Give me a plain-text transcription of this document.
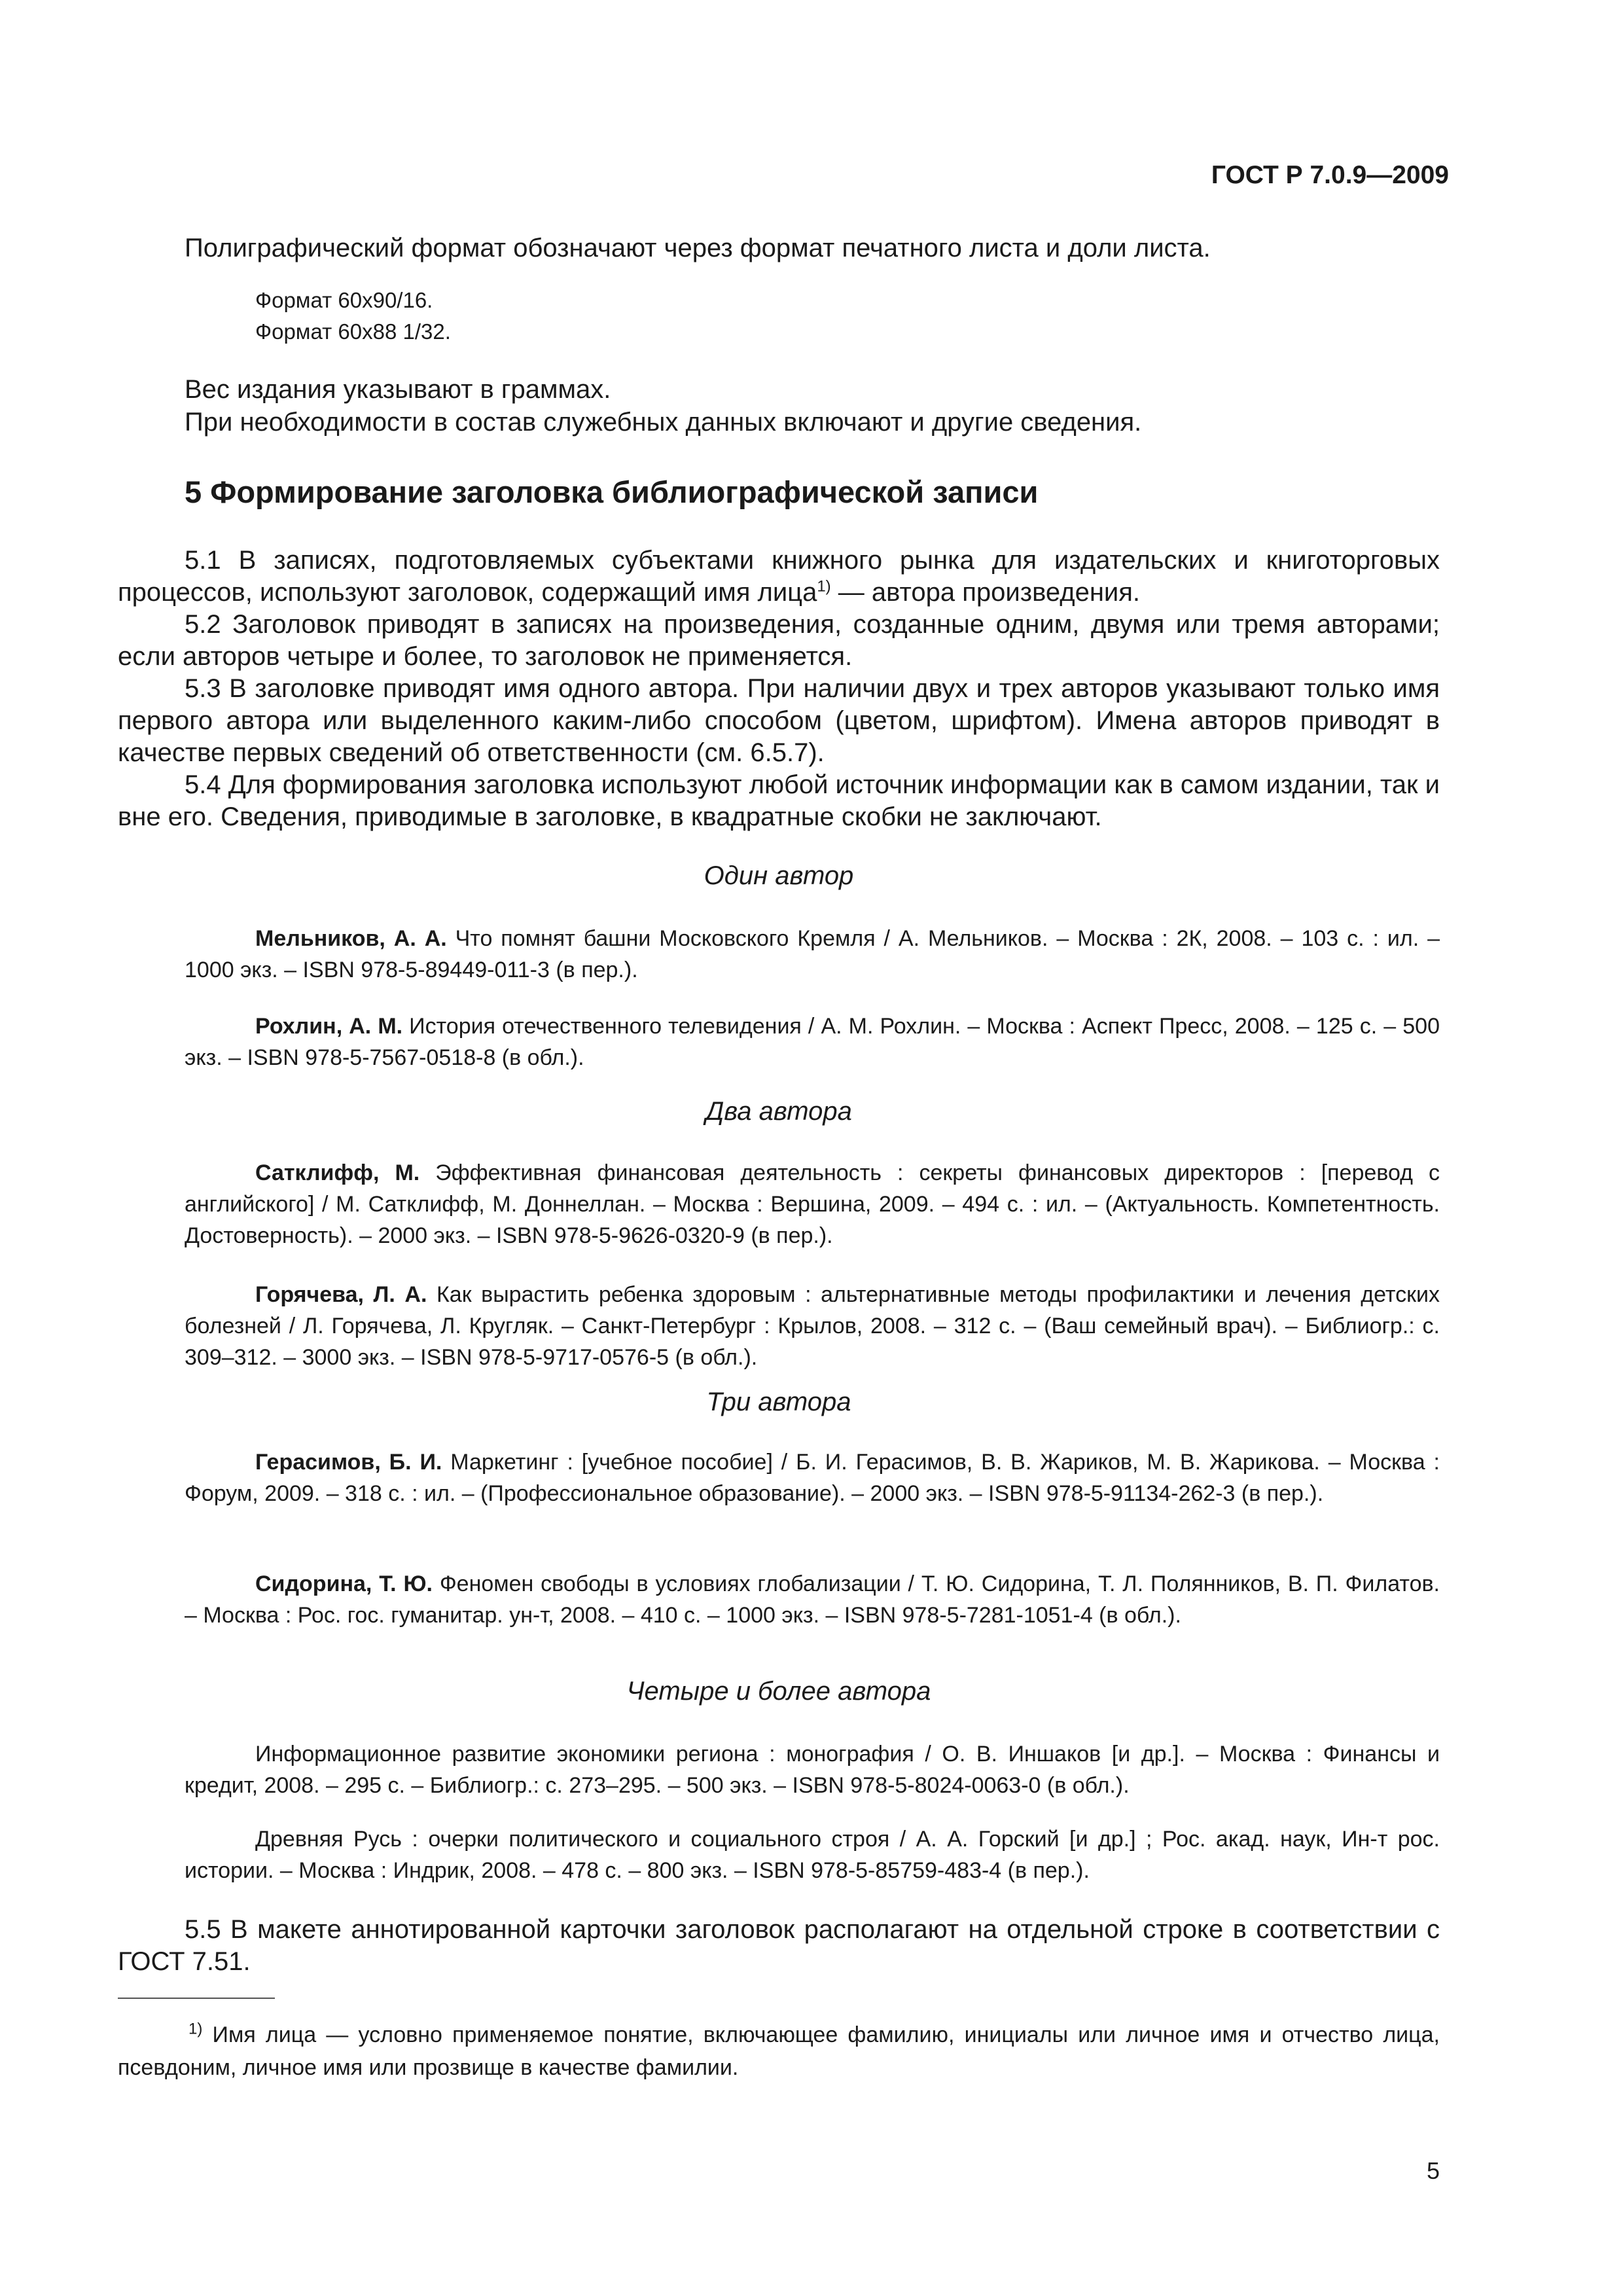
ГОСТ Р 7.0.9—2009

Полиграфический формат обозначают через формат печатного листа и доли листа.

Формат 60х90/16.

Формат 60х88 1/32.

Вес издания указывают в граммах.

При необходимости в состав служебных данных включают и другие сведения.

5 Формирование заголовка библиографической записи

5.1 В записях, подготовляемых субъектами книжного рынка для издательских и книготорговых процессов, используют заголовок, содержащий имя лица$^{1)}$ — автора произведения.

5.2 Заголовок приводят в записях на произведения, созданные одним, двумя или тремя авторами; если авторов четыре и более, то заголовок не применяется.

5.3 В заголовке приводят имя одного автора. При наличии двух и трех авторов указывают только имя первого автора или выделенного каким-либо способом (цветом, шрифтом). Имена авторов приводят в качестве первых сведений об ответственности (см. 6.5.7).

5.4 Для формирования заголовка используют любой источник информации как в самом издании, так и вне его. Сведения, приводимые в заголовке, в квадратные скобки не заключают.

Один автор

Мельников, А. А. Что помнят башни Московского Кремля / А. Мельников. – Москва : 2К, 2008. – 103 с. : ил. – 1000 экз. – ISBN 978-5-89449-011-3 (в пер.).

Рохлин, А. М. История отечественного телевидения / А. М. Рохлин. – Москва : Аспект Пресс, 2008. – 125 с. – 500 экз. – ISBN 978-5-7567-0518-8 (в обл.).

Два автора

Сатклифф, М. Эффективная финансовая деятельность : секреты финансовых директоров : [перевод с английского] / М. Сатклифф, М. Доннеллан. – Москва : Вершина, 2009. – 494 с. : ил. – (Актуальность. Компетентность. Достоверность). – 2000 экз. – ISBN 978-5-9626-0320-9 (в пер.).

Горячева, Л. А. Как вырастить ребенка здоровым : альтернативные методы профилактики и лечения детских болезней / Л. Горячева, Л. Кругляк. – Санкт-Петербург : Крылов, 2008. – 312 с. – (Ваш семейный врач). – Библиогр.: с. 309–312. – 3000 экз. – ISBN 978-5-9717-0576-5 (в обл.).

Три автора

Герасимов, Б. И. Маркетинг : [учебное пособие] / Б. И. Герасимов, В. В. Жариков, М. В. Жарикова. – Москва : Форум, 2009. – 318 с. : ил. – (Профессиональное образование). – 2000 экз. – ISBN 978-5-91134-262-3 (в пер.).

Сидорина, Т. Ю. Феномен свободы в условиях глобализации / Т. Ю. Сидорина, Т. Л. Полянников, В. П. Филатов. – Москва : Рос. гос. гуманитар. ун-т, 2008. – 410 с. – 1000 экз. – ISBN 978-5-7281-1051-4 (в обл.).

Четыре и более автора

Информационное развитие экономики региона : монография / О. В. Иншаков [и др.]. – Москва : Финансы и кредит, 2008. – 295 с. – Библиогр.: с. 273–295. – 500 экз. – ISBN 978-5-8024-0063-0 (в обл.).

Древняя Русь : очерки политического и социального строя / А. А. Горский [и др.] ; Рос. акад. наук, Ин-т рос. истории. – Москва : Индрик, 2008. – 478 с. – 800 экз. – ISBN 978-5-85759-483-4 (в пер.).

5.5 В макете аннотированной карточки заголовок располагают на отдельной строке в соответствии с ГОСТ 7.51.

$^{1)}$ Имя лица — условно применяемое понятие, включающее фамилию, инициалы или личное имя и отчество лица, псевдоним, личное имя или прозвище в качестве фамилии.

5
